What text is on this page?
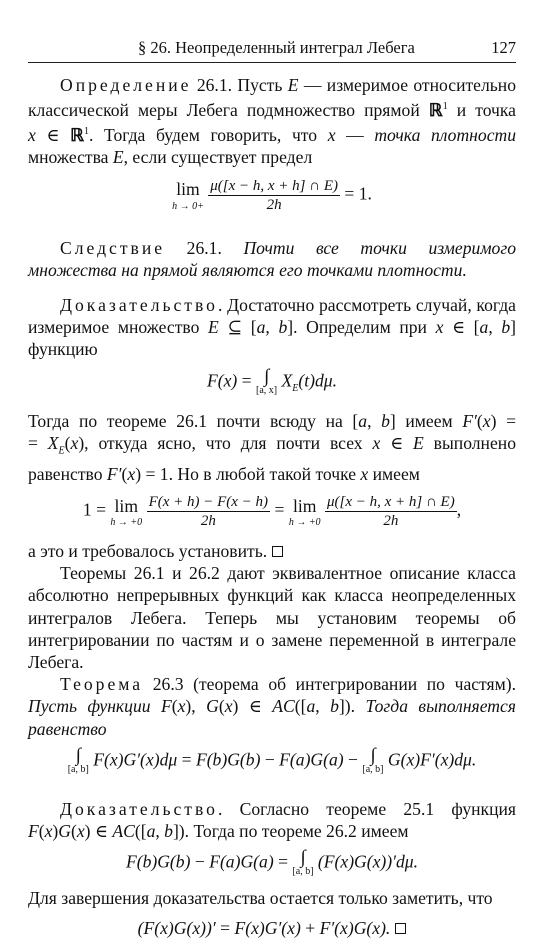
§ 26. Неопределенный интеграл Лебега	127

Определение 26.1. Пусть E — измеримое относительно классической меры Лебега подмножество прямой ℝ$^1$ и точка x ∈ ℝ$^1$. Тогда будем говорить, что x — точка плотности множества E, если существует предел

lim
h → 0+
$\frac{\mu([x - h, x + h] \cap E)}{2h} = 1$.

Следствие 26.1. Почти все точки измеримого множества на прямой являются его точками плотности.

Доказательство. Достаточно рассмотреть случай, когда измеримое множество E ⊆ [a, b]. Определим при x ∈ [a, b] функцию

F(x) = ∫
[a, x] $X_E(t)d\mu$.

Тогда по теореме 26.1 почти всюду на [a, b] имеем F′(x) = = $X_E(x)$, откуда ясно, что для почти всех x ∈ E выполнено равенство F′(x) = 1. Но в любой такой точке x имеем

1 = lim
h → +0
$\frac{F(x + h) - F(x - h)}{2h} = \lim$
h → +0
$\frac{\mu([x - h, x + h] \cap E)}{2h}$ ,

а это и требовалось установить.

Теоремы 26.1 и 26.2 дают эквивалентное описание класса абсолютно непрерывных функций как класса неопределенных интегралов Лебега. Теперь мы установим теоремы об интегрировании по частям и о замене переменной в интеграле Лебега.

Теорема 26.3 (теорема об интегрировании по частям). Пусть функции F(x), G(x) ∈ AC([a, b]). Тогда выполняется равенство

∫
[a, b] F(x)G′(x)dμ = F(b)G(b) − F(a)G(a) − ∫
[a, b] G(x)F′(x)dμ.

Доказательство. Согласно теореме 25.1 функция F(x)G(x) ∈ AC([a, b]). Тогда по теореме 26.2 имеем

F(b)G(b) − F(a)G(a) = ∫
[a, b] (F(x)G(x))′dμ.

Для завершения доказательства остается только заметить, что

(F(x)G(x))′ = F(x)G′(x) + F′(x)G(x).
